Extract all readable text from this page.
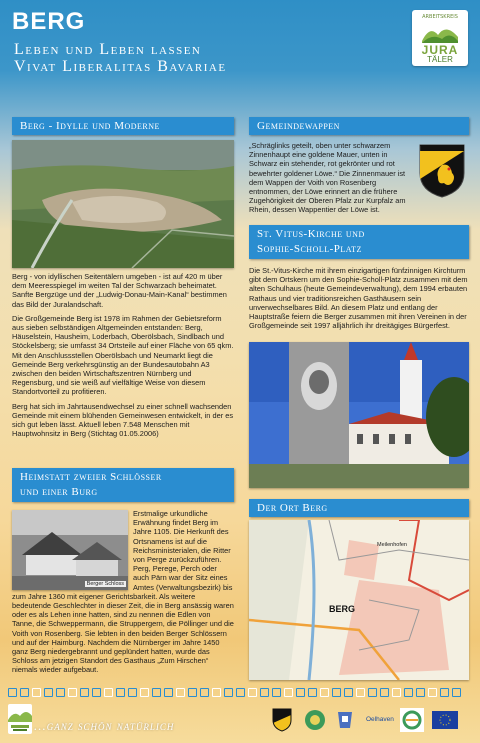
BERG
Leben und Leben lassen
Vivat Liberalitas Bavariae
ARBEITSKREIS
JURA
TÄLER
Berg - Idylle und Moderne

Berg - von idyllischen Seitentälern umgeben - ist auf 420 m über dem Meeresspiegel im weiten Tal der Schwarzach beheimatet. Sanfte Bergzüge und der „Ludwig-Donau-Main-Kanal“ bestimmen das Bild der Juralandschaft.

Die Großgemeinde Berg ist 1978 im Rahmen der Gebietsreform aus sieben selbständigen Altgemeinden entstanden: Berg, Häuselstein, Hausheim, Loderbach, Oberölsbach, Sindlbach und Stöckelsberg; sie umfasst 34 Ortsteile auf einer Fläche von 65 qkm. Mit den Anschlussstellen Oberölsbach und Neumarkt liegt die Gemeinde Berg verkehrsgünstig an der Bundesautobahn A3 zwischen den beiden Wirtschaftszentren Nürnberg und Regensburg, und sie weiß auf vielfältige Weise von diesem Standortvorteil zu profitieren.

Berg hat sich im Jahrtausendwechsel zu einer schnell wachsenden Gemeinde mit einem blühenden Gemeinwesen entwickelt, in der es sich gut leben lässt. Aktuell leben 7.548 Menschen mit Hauptwohnsitz in Berg (Stichtag 01.05.2006)

Heimstatt zweier Schlösser
und einer Burg
Berger Schloss

Erstmalige urkundliche Erwähnung findet Berg im Jahre 1105. Die Herkunft des Ortsnamens ist auf die Reichsministerialen, die Ritter von Perge zurückzuführen. Perg, Perege, Perch oder auch Pärn war der Sitz eines Amtes (Verwaltungsbezirk) bis zum Jahre 1360 mit eigener Gerichtsbarkeit. Als weitere bedeutende Geschlechter in dieser Zeit, die in Berg ansässig waren oder es als Lehen inne hatten, sind zu nennen die Edlen von Tanne, die Schweppermann, die Struppergern, die Pöllinger und die Voith von Rosenberg. Sie lebten in den beiden Berger Schlössern und auf der Haimburg. Nachdem die Nürnberger im Jahre 1450 ganz Berg niedergebrannt und geplündert hatten, wurde das Schloss am jetzigen Standort des Gasthaus „Zum Hirschen“ niemals wieder aufgebaut.

Gemeindewappen

„Schräglinks geteilt, oben unter schwarzem Zinnenhaupt eine goldene Mauer, unten in Schwarz ein stehender, rot gekrönter und rot bewehrter goldener Löwe.“ Die Zinnenmauer ist dem Wappen der Voith von Rosenberg entnommen, der Löwe erinnert an die frühere Zugehörigkeit der Oberen Pfalz zur Kurpfalz am Rhein, dessen Wappentier der Löwe ist.

St. Vitus-Kirche und
Sophie-Scholl-Platz

Die St.-Vitus-Kirche mit ihrem einzigartigen fünfzinnigen Kirchturm gibt dem Ortskern um den Sophie-Scholl-Platz zusammen mit dem alten Schulhaus (heute Gemeindeverwaltung), dem 1994 erbauten Rathaus und vier traditionsreichen Gasthäusern sein unverwechselbares Bild. An diesem Platz und entlang der Hauptstraße feiern die Berger zusammen mit ihren Vereinen in der Großgemeinde seit 1997 alljährlich ihr dreitägiges Bürgerfest.

Der Ort Berg
BERG
Meilenhofen
...ganz schön natürlich	Oelhaven
